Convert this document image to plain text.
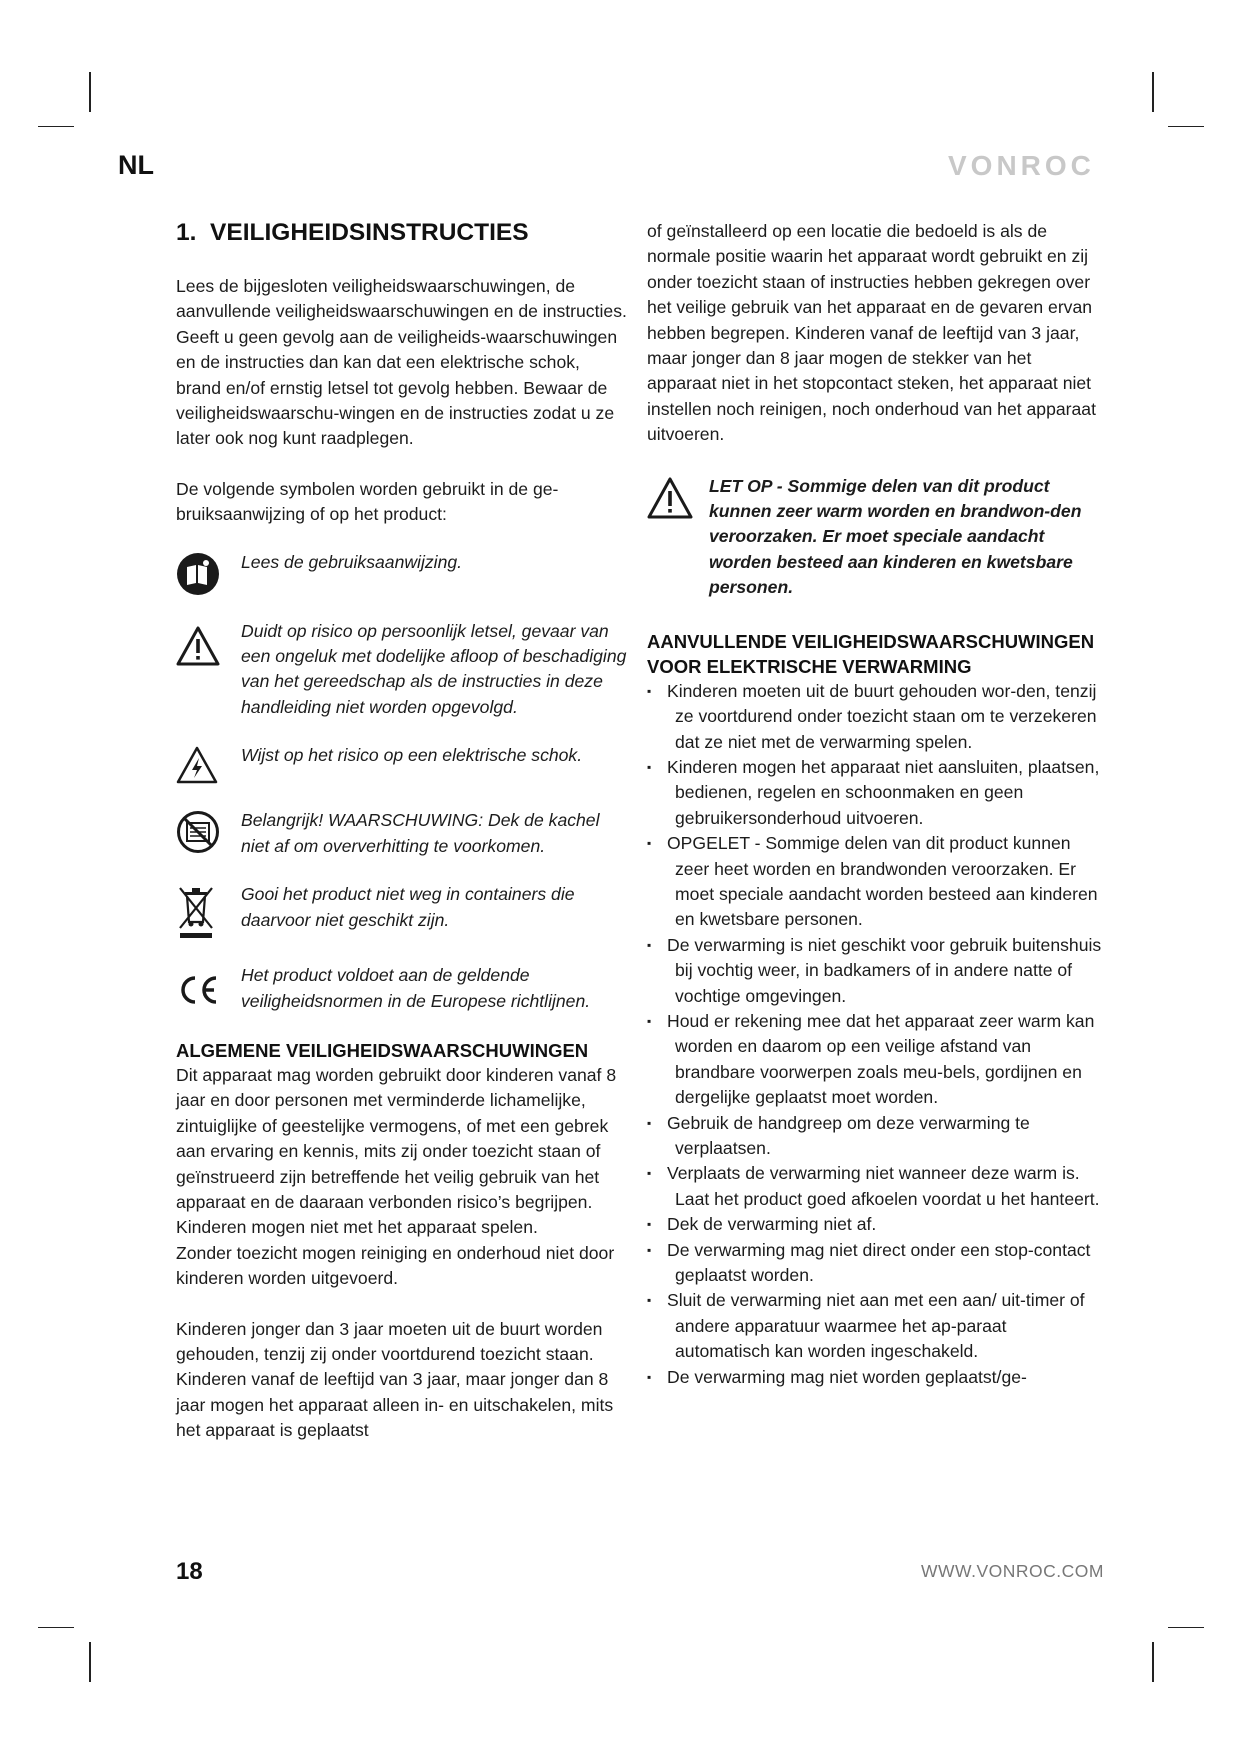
NL	VONROC
1.  VEILIGHEIDSINSTRUCTIES

Lees de bijgesloten veiligheidswaarschuwingen, de aanvullende veiligheidswaarschuwingen en de instructies. Geeft u geen gevolg aan de veiligheids-waarschuwingen en de instructies dan kan dat een elektrische schok, brand en/of ernstig letsel tot gevolg hebben. Bewaar de veiligheidswaarschu-wingen en de instructies zodat u ze later ook nog kunt raadplegen.

De volgende symbolen worden gebruikt in de ge-bruiksaanwijzing of op het product:

Lees de gebruiksaanwijzing.
Duidt op risico op persoonlijk letsel, gevaar van een ongeluk met dodelijke afloop of beschadiging van het gereedschap als de instructies in deze handleiding niet worden opgevolgd.
Wijst op het risico op een elektrische schok.
Belangrijk! WAARSCHUWING: Dek de kachel niet af om oververhitting te voorkomen.
Gooi het product niet weg in containers die daarvoor niet geschikt zijn.
Het product voldoet aan de geldende veiligheidsnormen in de Europese richtlijnen.
ALGEMENE VEILIGHEIDSWAARSCHUWINGEN

Dit apparaat mag worden gebruikt door kinderen vanaf 8 jaar en door personen met verminderde lichamelijke, zintuiglijke of geestelijke vermogens, of met een gebrek aan ervaring en kennis, mits zij onder toezicht staan of geïnstrueerd zijn betreffende het veilig gebruik van het apparaat en de daaraan verbonden risico’s begrijpen. Kinderen mogen niet met het apparaat spelen.

Zonder toezicht mogen reiniging en onderhoud niet door kinderen worden uitgevoerd.

Kinderen jonger dan 3 jaar moeten uit de buurt worden gehouden, tenzij zij onder voortdurend toezicht staan. Kinderen vanaf de leeftijd van 3 jaar, maar jonger dan 8 jaar mogen het apparaat alleen in- en uitschakelen, mits het apparaat is geplaatst

of geïnstalleerd op een locatie die bedoeld is als de normale positie waarin het apparaat wordt gebruikt en zij onder toezicht staan of instructies hebben gekregen over het veilige gebruik van het apparaat en de gevaren ervan hebben begrepen. Kinderen vanaf de leeftijd van 3 jaar, maar jonger dan 8 jaar mogen de stekker van het apparaat niet in het stopcontact steken, het apparaat niet instellen noch reinigen, noch onderhoud van het apparaat uitvoeren.

LET OP - Sommige delen van dit product kunnen zeer warm worden en brandwon-den veroorzaken. Er moet speciale aandacht worden besteed aan kinderen en kwetsbare personen.
AANVULLENDE VEILIGHEIDSWAARSCHUWINGEN VOOR ELEKTRISCHE VERWARMING
▪ Kinderen moeten uit de buurt gehouden wor-den, tenzij ze voortdurend onder toezicht staan om te verzekeren dat ze niet met de verwarming spelen.
▪ Kinderen mogen het apparaat niet aansluiten, plaatsen, bedienen, regelen en schoonmaken en geen gebruikersonderhoud uitvoeren.
▪ OPGELET - Sommige delen van dit product kunnen zeer heet worden en brandwonden veroorzaken. Er moet speciale aandacht worden besteed aan kinderen en kwetsbare personen.
▪ De verwarming is niet geschikt voor gebruik buitenshuis bij vochtig weer, in badkamers of in andere natte of vochtige omgevingen.
▪ Houd er rekening mee dat het apparaat zeer warm kan worden en daarom op een veilige afstand van brandbare voorwerpen zoals meu-bels, gordijnen en dergelijke geplaatst moet worden.
▪ Gebruik de handgreep om deze verwarming te verplaatsen.
▪ Verplaats de verwarming niet wanneer deze warm is. Laat het product goed afkoelen voordat u het hanteert.
▪ Dek de verwarming niet af.
▪ De verwarming mag niet direct onder een stop-contact geplaatst worden.
▪ Sluit de verwarming niet aan met een aan/ uit-timer of andere apparatuur waarmee het ap-paraat automatisch kan worden ingeschakeld.
▪ De verwarming mag niet worden geplaatst/ge-
18	WWW.VONROC.COM
